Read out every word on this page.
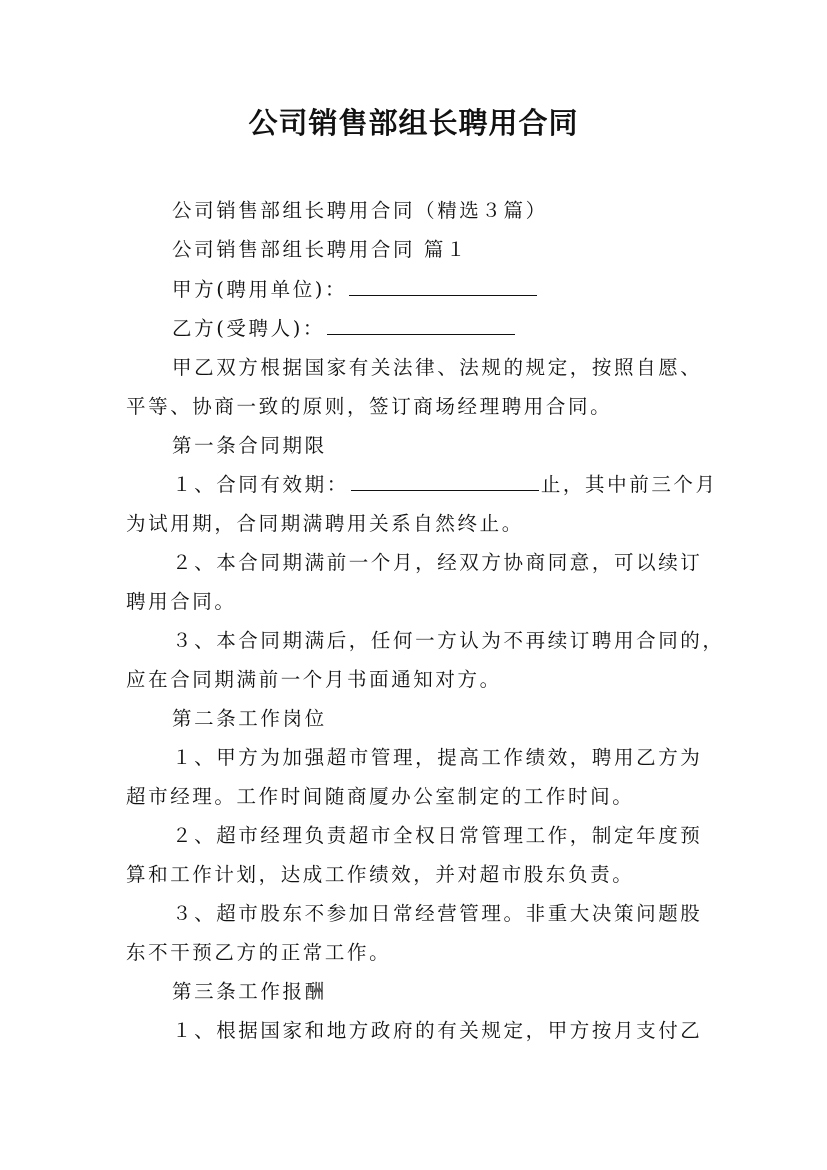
公司销售部组长聘用合同
公司销售部组长聘用合同（精选３篇）
公司销售部组长聘用合同 篇１
甲方(聘用单位)：
乙方(受聘人)：
甲乙双方根据国家有关法律、法规的规定，按照自愿、
平等、协商一致的原则，签订商场经理聘用合同。
第一条合同期限
１、合同有效期：	止，其中前三个月
为试用期，合同期满聘用关系自然终止。
２、本合同期满前一个月，经双方协商同意，可以续订
聘用合同。
３、本合同期满后，任何一方认为不再续订聘用合同的，
应在合同期满前一个月书面通知对方。
第二条工作岗位
１、甲方为加强超市管理，提高工作绩效，聘用乙方为
超市经理。工作时间随商厦办公室制定的工作时间。
２、超市经理负责超市全权日常管理工作，制定年度预
算和工作计划，达成工作绩效，并对超市股东负责。
３、超市股东不参加日常经营管理。非重大决策问题股
东不干预乙方的正常工作。
第三条工作报酬
１、根据国家和地方政府的有关规定，甲方按月支付乙
